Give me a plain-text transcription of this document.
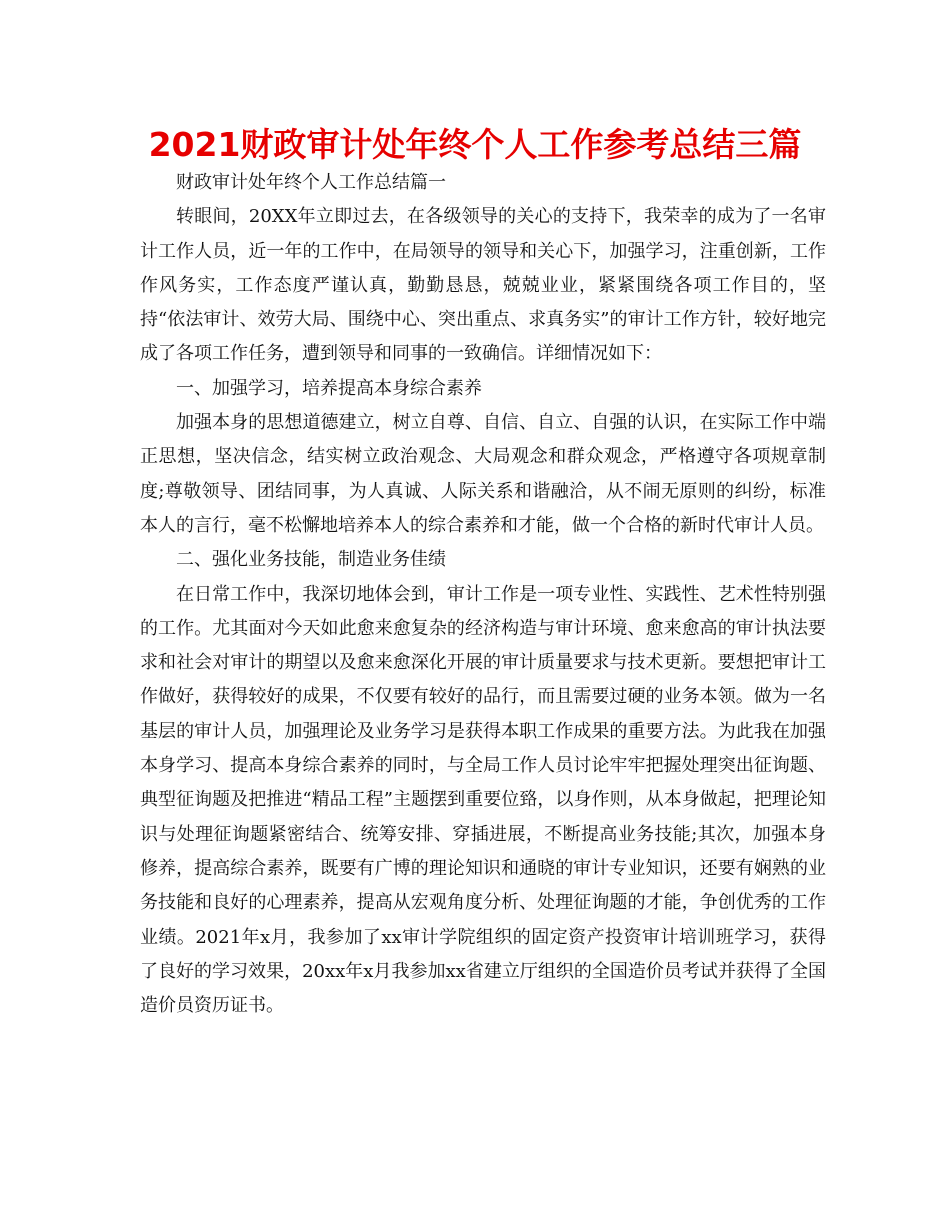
2021财政审计处年终个人工作参考总结三篇

财政审计处年终个人工作总结篇一

转眼间，20XX年立即过去，在各级领导的关心的支持下，我荣幸的成为了一名审计工作人员，近一年的工作中，在局领导的领导和关心下，加强学习，注重创新，工作作风务实，工作态度严谨认真，勤勤恳恳，兢兢业业，紧紧围绕各项工作目的，坚持“依法审计、效劳大局、围绕中心、突出重点、求真务实”的审计工作方针，较好地完成了各项工作任务，遭到领导和同事的一致确信。详细情况如下：

一、加强学习，培养提高本身综合素养

加强本身的思想道德建立，树立自尊、自信、自立、自强的认识，在实际工作中端正思想，坚决信念，结实树立政治观念、大局观念和群众观念，严格遵守各项规章制度;尊敬领导、团结同事，为人真诚、人际关系和谐融洽，从不闹无原则的纠纷，标准本人的言行，毫不松懈地培养本人的综合素养和才能，做一个合格的新时代审计人员。

二、强化业务技能，制造业务佳绩

在日常工作中，我深切地体会到，审计工作是一项专业性、实践性、艺术性特别强的工作。尤其面对今天如此愈来愈复杂的经济构造与审计环境、愈来愈高的审计执法要求和社会对审计的期望以及愈来愈深化开展的审计质量要求与技术更新。要想把审计工作做好，获得较好的成果，不仅要有较好的品行，而且需要过硬的业务本领。做为一名基层的审计人员，加强理论及业务学习是获得本职工作成果的重要方法。为此我在加强本身学习、提高本身综合素养的同时，与全局工作人员讨论牢牢把握处理突出征询题、典型征询题及把推进“精品工程”主题摆到重要位臵，以身作则，从本身做起，把理论知识与处理征询题紧密结合、统筹安排、穿插进展，不断提高业务技能;其次，加强本身修养，提高综合素养，既要有广博的理论知识和通晓的审计专业知识，还要有娴熟的业务技能和良好的心理素养，提高从宏观角度分析、处理征询题的才能，争创优秀的工作业绩。2021年x月，我参加了xx审计学院组织的固定资产投资审计培训班学习，获得了良好的学习效果，20xx年x月我参加xx省建立厅组织的全国造价员考试并获得了全国造价员资历证书。
